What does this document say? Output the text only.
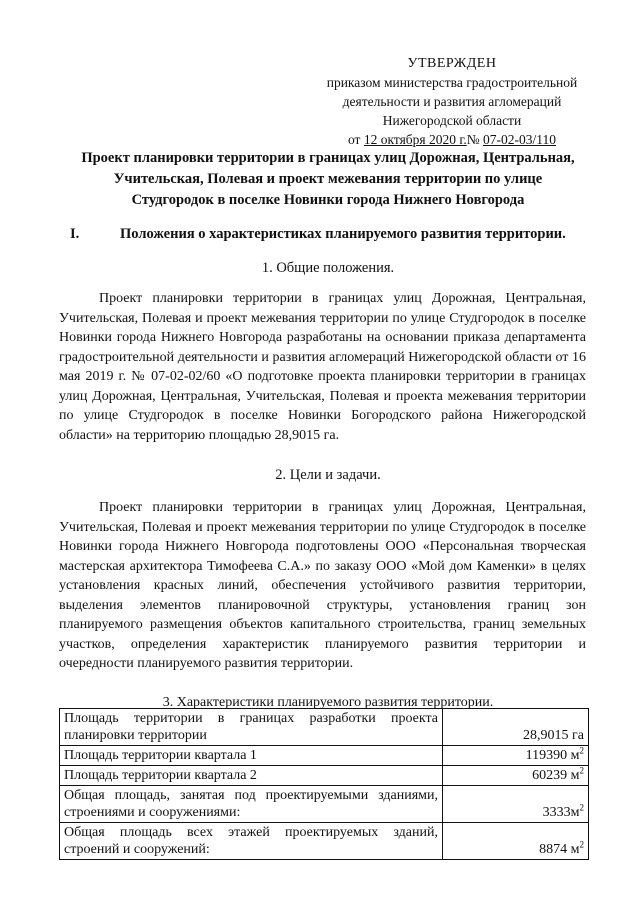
УТВЕРЖДЕН
приказом министерства градостроительной
деятельности и развития агломераций
Нижегородской области
от 12 октября 2020 г.№ 07-02-03/110
Проект планировки территории в границах улиц Дорожная, Центральная,
Учительская, Полевая и проект межевания территории по улице
Студгородок в поселке Новинки города Нижнего Новгорода
I.	Положения о характеристиках планируемого развития территории.
1. Общие положения.
Проект планировки территории в границах улиц Дорожная, Центральная, Учительская, Полевая и проект межевания территории по улице Студгородок в поселке Новинки города Нижнего Новгорода разработаны на основании приказа департамента градостроительной деятельности и развития агломераций Нижегородской области от 16 мая 2019 г. № 07-02-02/60 «О подготовке проекта планировки территории в границах улиц Дорожная, Центральная, Учительская, Полевая и проекта межевания территории по улице Студгородок в поселке Новинки Богородского района Нижегородской области» на территорию площадью 28,9015 га.
2. Цели и задачи.
Проект планировки территории в границах улиц Дорожная, Центральная, Учительская, Полевая и проект межевания территории по улице Студгородок в поселке Новинки города Нижнего Новгорода подготовлены ООО «Персональная творческая мастерская архитектора Тимофеева С.А.» по заказу ООО «Мой дом Каменки» в целях установления красных линий, обеспечения устойчивого развития территории, выделения элементов планировочной структуры, установления границ зон планируемого размещения объектов капитального строительства, границ земельных участков, определения характеристик планируемого развития территории и очередности планируемого развития территории.
3. Характеристики планируемого развития территории.
Площадь территории в границах разработки проекта планировки территории	28,9015 га
Площадь территории квартала 1	119390 $м^2$
Площадь территории квартала 2	60239 $м^2$
Общая площадь, занятая под проектируемыми зданиями, строениями и сооружениями:	$3333м^2$
Общая площадь всех этажей проектируемых зданий, строений и сооружений:	8874 $м^2$
